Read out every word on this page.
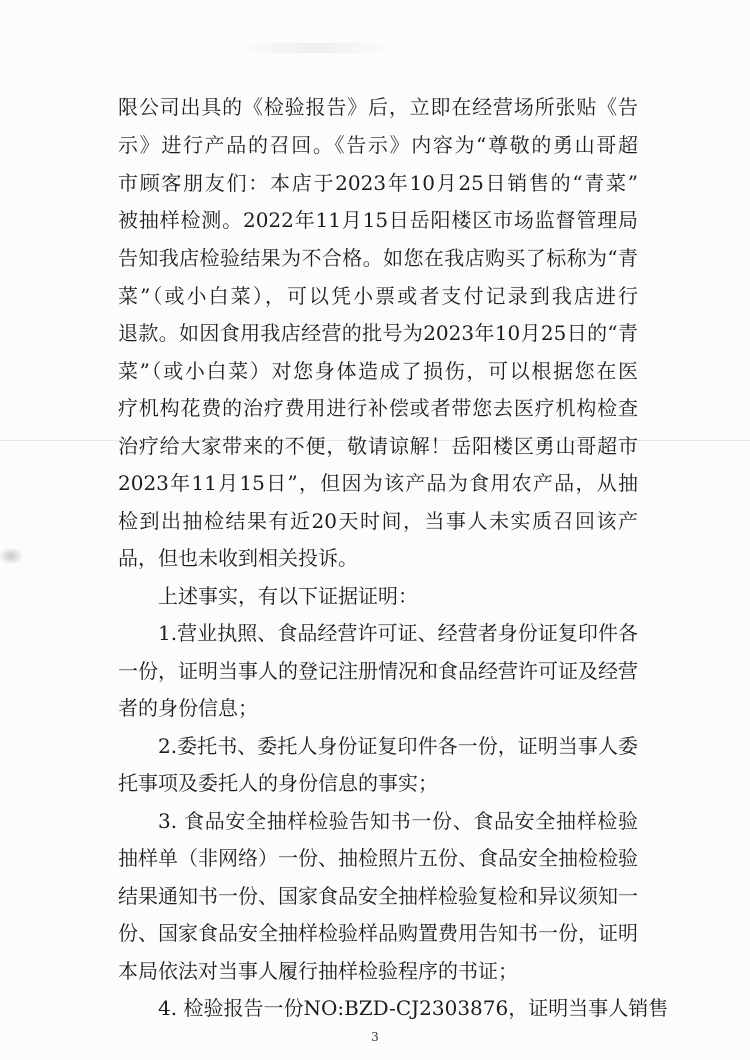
限公司出具的《检验报告》后，立即在经营场所张贴《告
示》进行产品的召回。《告示》内容为“尊敬的勇山哥超
市顾客朋友们：本店于2023年10月25日销售的“青菜”
被抽样检测。2022年11月15日岳阳楼区市场监督管理局
告知我店检验结果为不合格。如您在我店购买了标称为“青
菜”（或小白菜），可以凭小票或者支付记录到我店进行
退款。如因食用我店经营的批号为2023年10月25日的“青
菜”（或小白菜）对您身体造成了损伤，可以根据您在医
疗机构花费的治疗费用进行补偿或者带您去医疗机构检查
治疗给大家带来的不便，敬请谅解！岳阳楼区勇山哥超市
2023年11月15日”，但因为该产品为食用农产品，从抽
检到出抽检结果有近20天时间，当事人未实质召回该产
品，但也未收到相关投诉。
上述事实，有以下证据证明：
1.营业执照、食品经营许可证、经营者身份证复印件各
一份，证明当事人的登记注册情况和食品经营许可证及经营
者的身份信息；
2.委托书、委托人身份证复印件各一份，证明当事人委
托事项及委托人的身份信息的事实；
3. 食品安全抽样检验告知书一份、食品安全抽样检验
抽样单（非网络）一份、抽检照片五份、食品安全抽检检验
结果通知书一份、国家食品安全抽样检验复检和异议须知一
份、国家食品安全抽样检验样品购置费用告知书一份，证明
本局依法对当事人履行抽样检验程序的书证；
4. 检验报告一份NO:BZD-CJ2303876，证明当事人销售
3
